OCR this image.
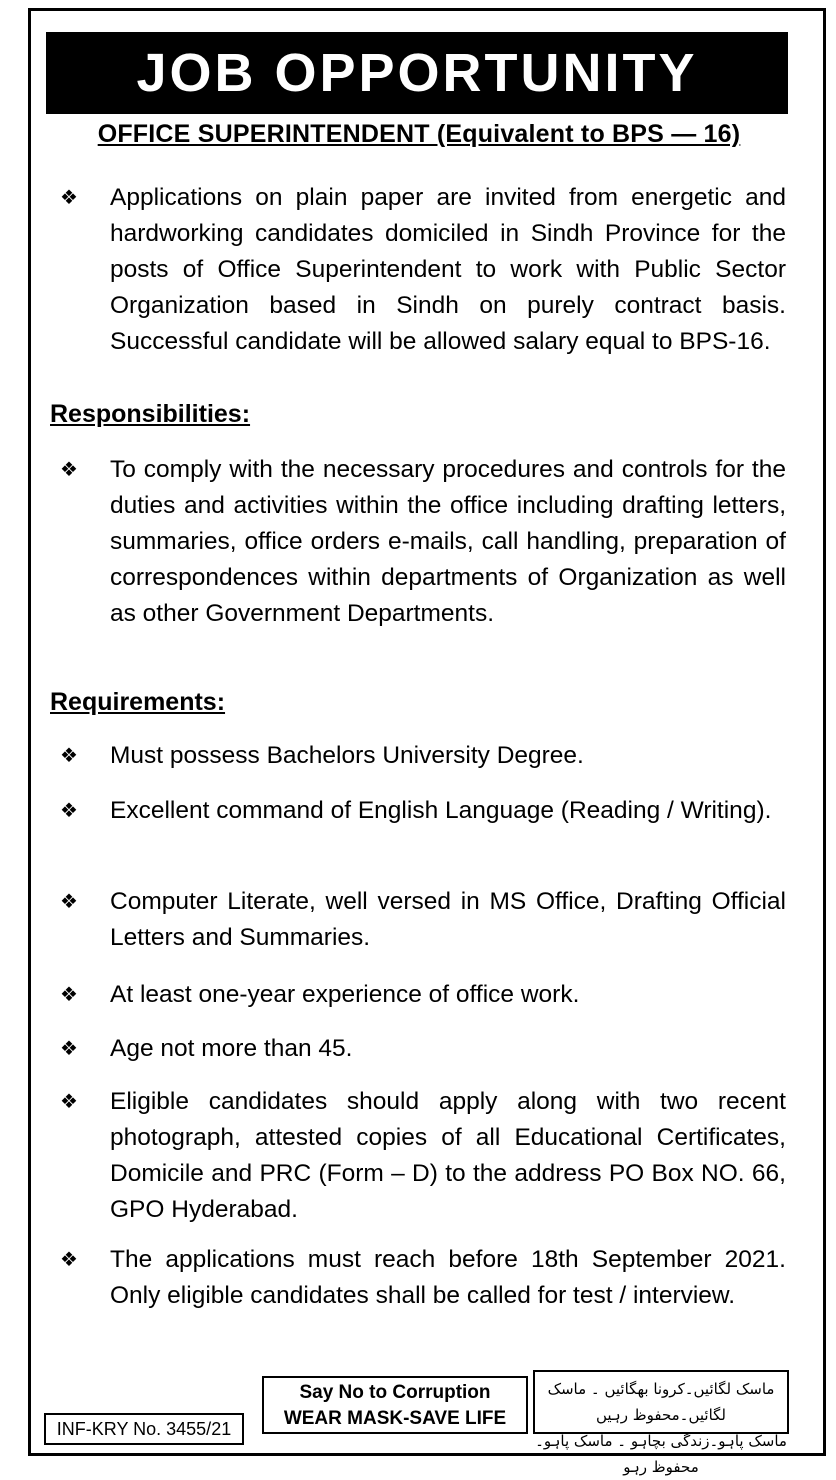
JOB OPPORTUNITY
OFFICE SUPERINTENDENT (Equivalent to BPS — 16)
❖	Applications on plain paper are invited from energetic and hardworking candidates domiciled in Sindh Province for the posts of Office Superintendent to work with Public Sector Organization based in Sindh on purely contract basis. Successful candidate will be allowed salary equal to BPS-16.
Responsibilities:
❖	To comply with the necessary procedures and controls for the duties and activities within the office including drafting letters, summaries, office orders e-mails, call handling, preparation of correspondences within departments of Organization as well as other Government Departments.
Requirements:
❖	Must possess Bachelors University Degree.
❖	Excellent command of English Language (Reading / Writing).
❖	Computer Literate, well versed in MS Office, Drafting Official Letters and Summaries.
❖	At least one-year experience of office work.
❖	Age not more than 45.
❖	Eligible candidates should apply along with two recent photograph, attested copies of all Educational Certificates, Domicile and PRC (Form – D) to the address PO Box NO. 66, GPO Hyderabad.
❖	The applications must reach before 18th September 2021. Only eligible candidates shall be called for test / interview.
Say No to Corruption
WEAR MASK-SAVE LIFE
ماسک لگائیں۔کرونا بھگائیں ۔ ماسک لگائیں۔محفوظ رہیں
ماسک پاہو۔زندگی بچاہو ۔ ماسک پاہو۔محفوظ رہو
INF-KRY No. 3455/21
